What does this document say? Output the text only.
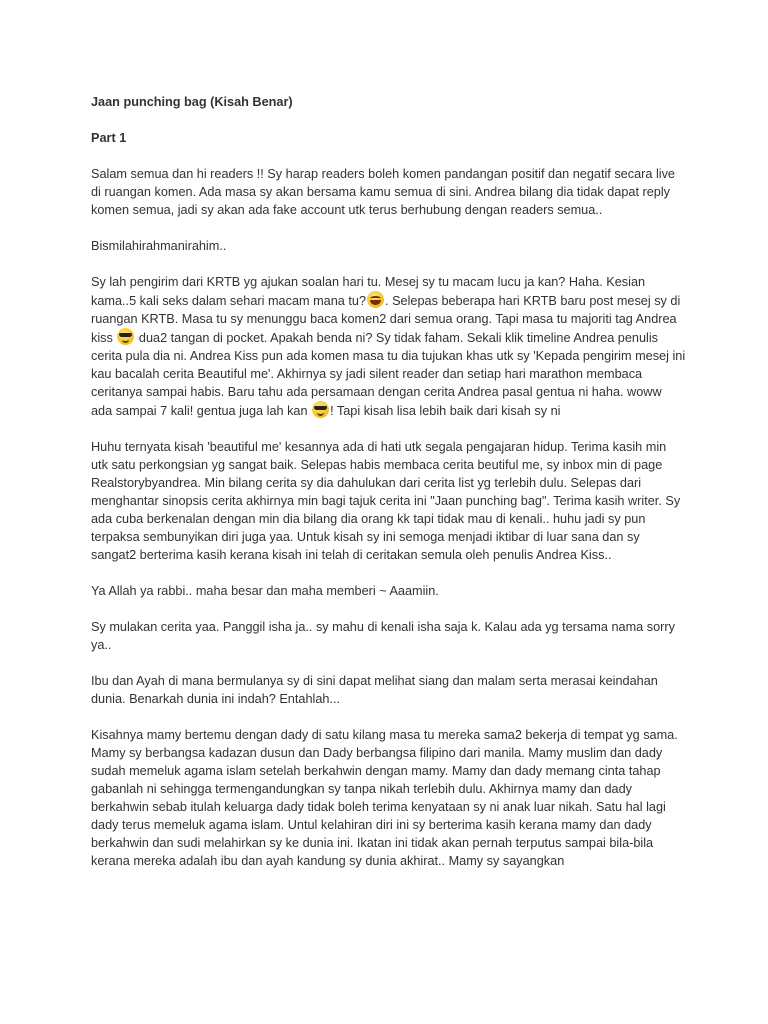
Jaan punching bag (Kisah Benar)

Part 1

Salam semua dan hi readers !! Sy harap readers boleh komen pandangan positif dan negatif secara live di ruangan komen. Ada masa sy akan bersama kamu semua di sini. Andrea bilang dia tidak dapat reply komen semua, jadi sy akan ada fake account utk terus berhubung dengan readers semua..

Bismilahirahmanirahim..

Sy lah pengirim dari KRTB yg ajukan soalan hari tu. Mesej sy tu macam lucu ja kan? Haha. Kesian kama..5 kali seks dalam sehari macam mana tu? . Selepas beberapa hari KRTB baru post mesej sy di ruangan KRTB. Masa tu sy menunggu baca komen2 dari semua orang. Tapi masa tu majoriti tag Andrea kiss  dua2 tangan di pocket. Apakah benda ni? Sy tidak faham. Sekali klik timeline Andrea penulis cerita pula dia ni. Andrea Kiss pun ada komen masa tu dia tujukan khas utk sy 'Kepada pengirim mesej ini kau bacalah cerita Beautiful me'. Akhirnya sy jadi silent reader dan setiap hari marathon membaca ceritanya sampai habis. Baru tahu ada persamaan dengan cerita Andrea pasal gentua ni haha. woww ada sampai 7 kali! gentua juga lah kan ! Tapi kisah lisa lebih baik dari kisah sy ni

Huhu ternyata kisah 'beautiful me' kesannya ada di hati utk segala pengajaran hidup. Terima kasih min utk satu perkongsian yg sangat baik. Selepas habis membaca cerita beutiful me, sy inbox min di page Realstorybyandrea. Min bilang cerita sy dia dahulukan dari cerita list yg terlebih dulu. Selepas dari menghantar sinopsis cerita akhirnya min bagi tajuk cerita ini "Jaan punching bag". Terima kasih writer. Sy ada cuba berkenalan dengan min dia bilang dia orang kk tapi tidak mau di kenali.. huhu jadi sy pun terpaksa sembunyikan diri juga yaa. Untuk kisah sy ini semoga menjadi iktibar di luar sana dan sy sangat2 berterima kasih kerana kisah ini telah di ceritakan semula oleh penulis Andrea Kiss..

Ya Allah ya rabbi.. maha besar dan maha memberi ~ Aaamiin.

Sy mulakan cerita yaa. Panggil isha ja.. sy mahu di kenali isha saja k. Kalau ada yg tersama nama sorry ya..

Ibu dan Ayah di mana bermulanya sy di sini dapat melihat siang dan malam serta merasai keindahan dunia. Benarkah dunia ini indah? Entahlah...

Kisahnya mamy bertemu dengan dady di satu kilang masa tu mereka sama2 bekerja di tempat yg sama. Mamy sy berbangsa kadazan dusun dan Dady berbangsa filipino dari manila. Mamy muslim dan dady sudah memeluk agama islam setelah berkahwin dengan mamy. Mamy dan dady memang cinta tahap gabanlah ni sehingga termengandungkan sy tanpa nikah terlebih dulu. Akhirnya mamy dan dady berkahwin sebab itulah keluarga dady tidak boleh terima kenyataan sy ni anak luar nikah. Satu hal lagi dady terus memeluk agama islam. Untul kelahiran diri ini sy berterima kasih kerana mamy dan dady berkahwin dan sudi melahirkan sy ke dunia ini. Ikatan ini tidak akan pernah terputus sampai bila-bila kerana mereka adalah ibu dan ayah kandung sy dunia akhirat.. Mamy sy sayangkan
